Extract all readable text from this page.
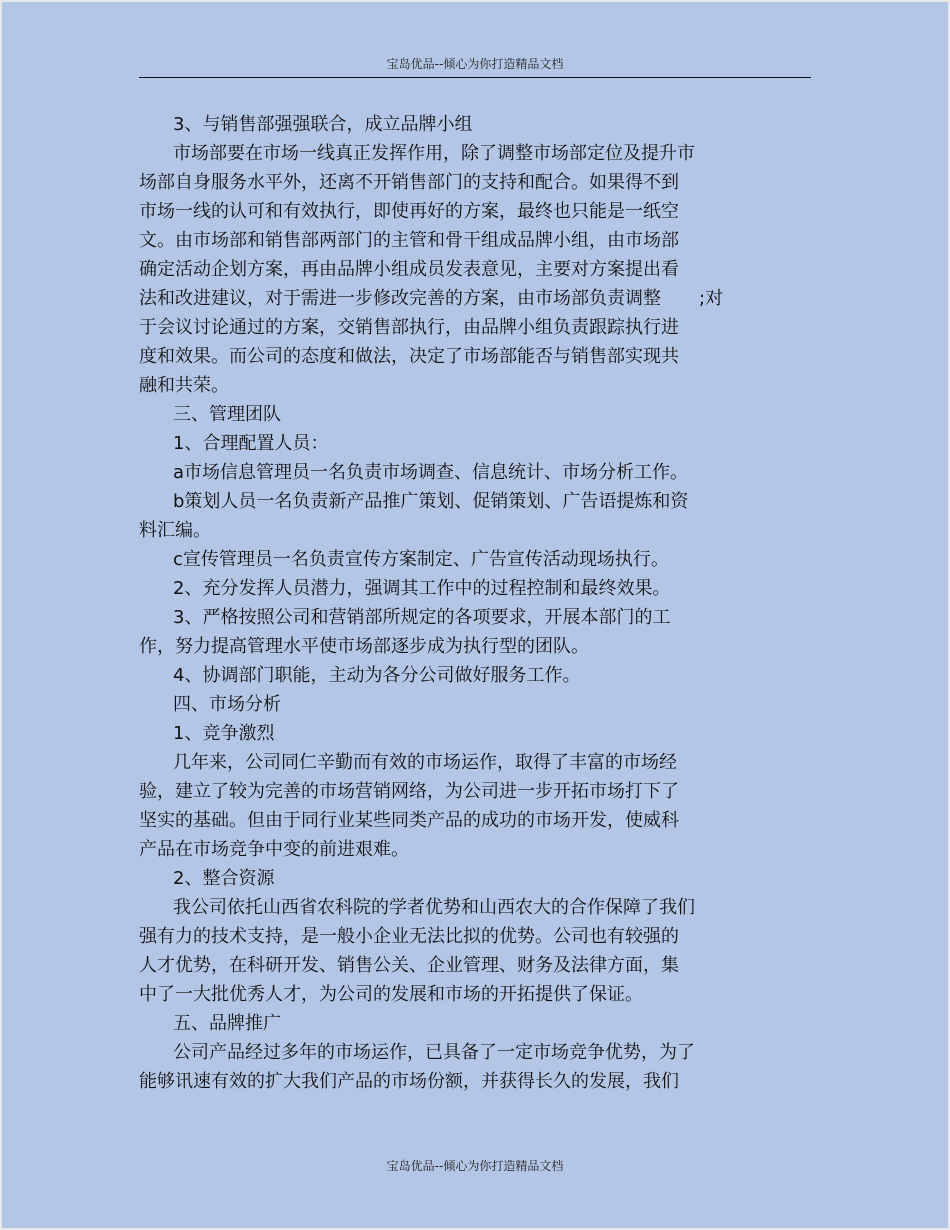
宝岛优品--倾心为你打造精品文档

3、与销售部强强联合，成立品牌小组

市场部要在市场一线真正发挥作用，除了调整市场部定位及提升市

场部自身服务水平外，还离不开销售部门的支持和配合。如果得不到

市场一线的认可和有效执行，即使再好的方案，最终也只能是一纸空

文。由市场部和销售部两部门的主管和骨干组成品牌小组，由市场部

确定活动企划方案，再由品牌小组成员发表意见，主要对方案提出看

法和改进建议，对于需进一步修改完善的方案，由市场部负责调整 ;对

于会议讨论通过的方案，交销售部执行，由品牌小组负责跟踪执行进

度和效果。而公司的态度和做法，决定了市场部能否与销售部实现共

融和共荣。

三、管理团队

1、合理配置人员：

a市场信息管理员一名负责市场调查、信息统计、市场分析工作。

b策划人员一名负责新产品推广策划、促销策划、广告语提炼和资

料汇编。

c宣传管理员一名负责宣传方案制定、广告宣传活动现场执行。

2、充分发挥人员潜力，强调其工作中的过程控制和最终效果。

3、严格按照公司和营销部所规定的各项要求，开展本部门的工

作，努力提高管理水平使市场部逐步成为执行型的团队。

4、协调部门职能，主动为各分公司做好服务工作。

四、市场分析

1、竞争激烈

几年来，公司同仁辛勤而有效的市场运作，取得了丰富的市场经

验，建立了较为完善的市场营销网络，为公司进一步开拓市场打下了

坚实的基础。但由于同行业某些同类产品的成功的市场开发，使威科

产品在市场竞争中变的前进艰难。

2、整合资源

我公司依托山西省农科院的学者优势和山西农大的合作保障了我们

强有力的技术支持，是一般小企业无法比拟的优势。公司也有较强的

人才优势，在科研开发、销售公关、企业管理、财务及法律方面，集

中了一大批优秀人才，为公司的发展和市场的开拓提供了保证。

五、品牌推广

公司产品经过多年的市场运作，已具备了一定市场竞争优势，为了

能够讯速有效的扩大我们产品的市场份额，并获得长久的发展，我们

宝岛优品--倾心为你打造精品文档
